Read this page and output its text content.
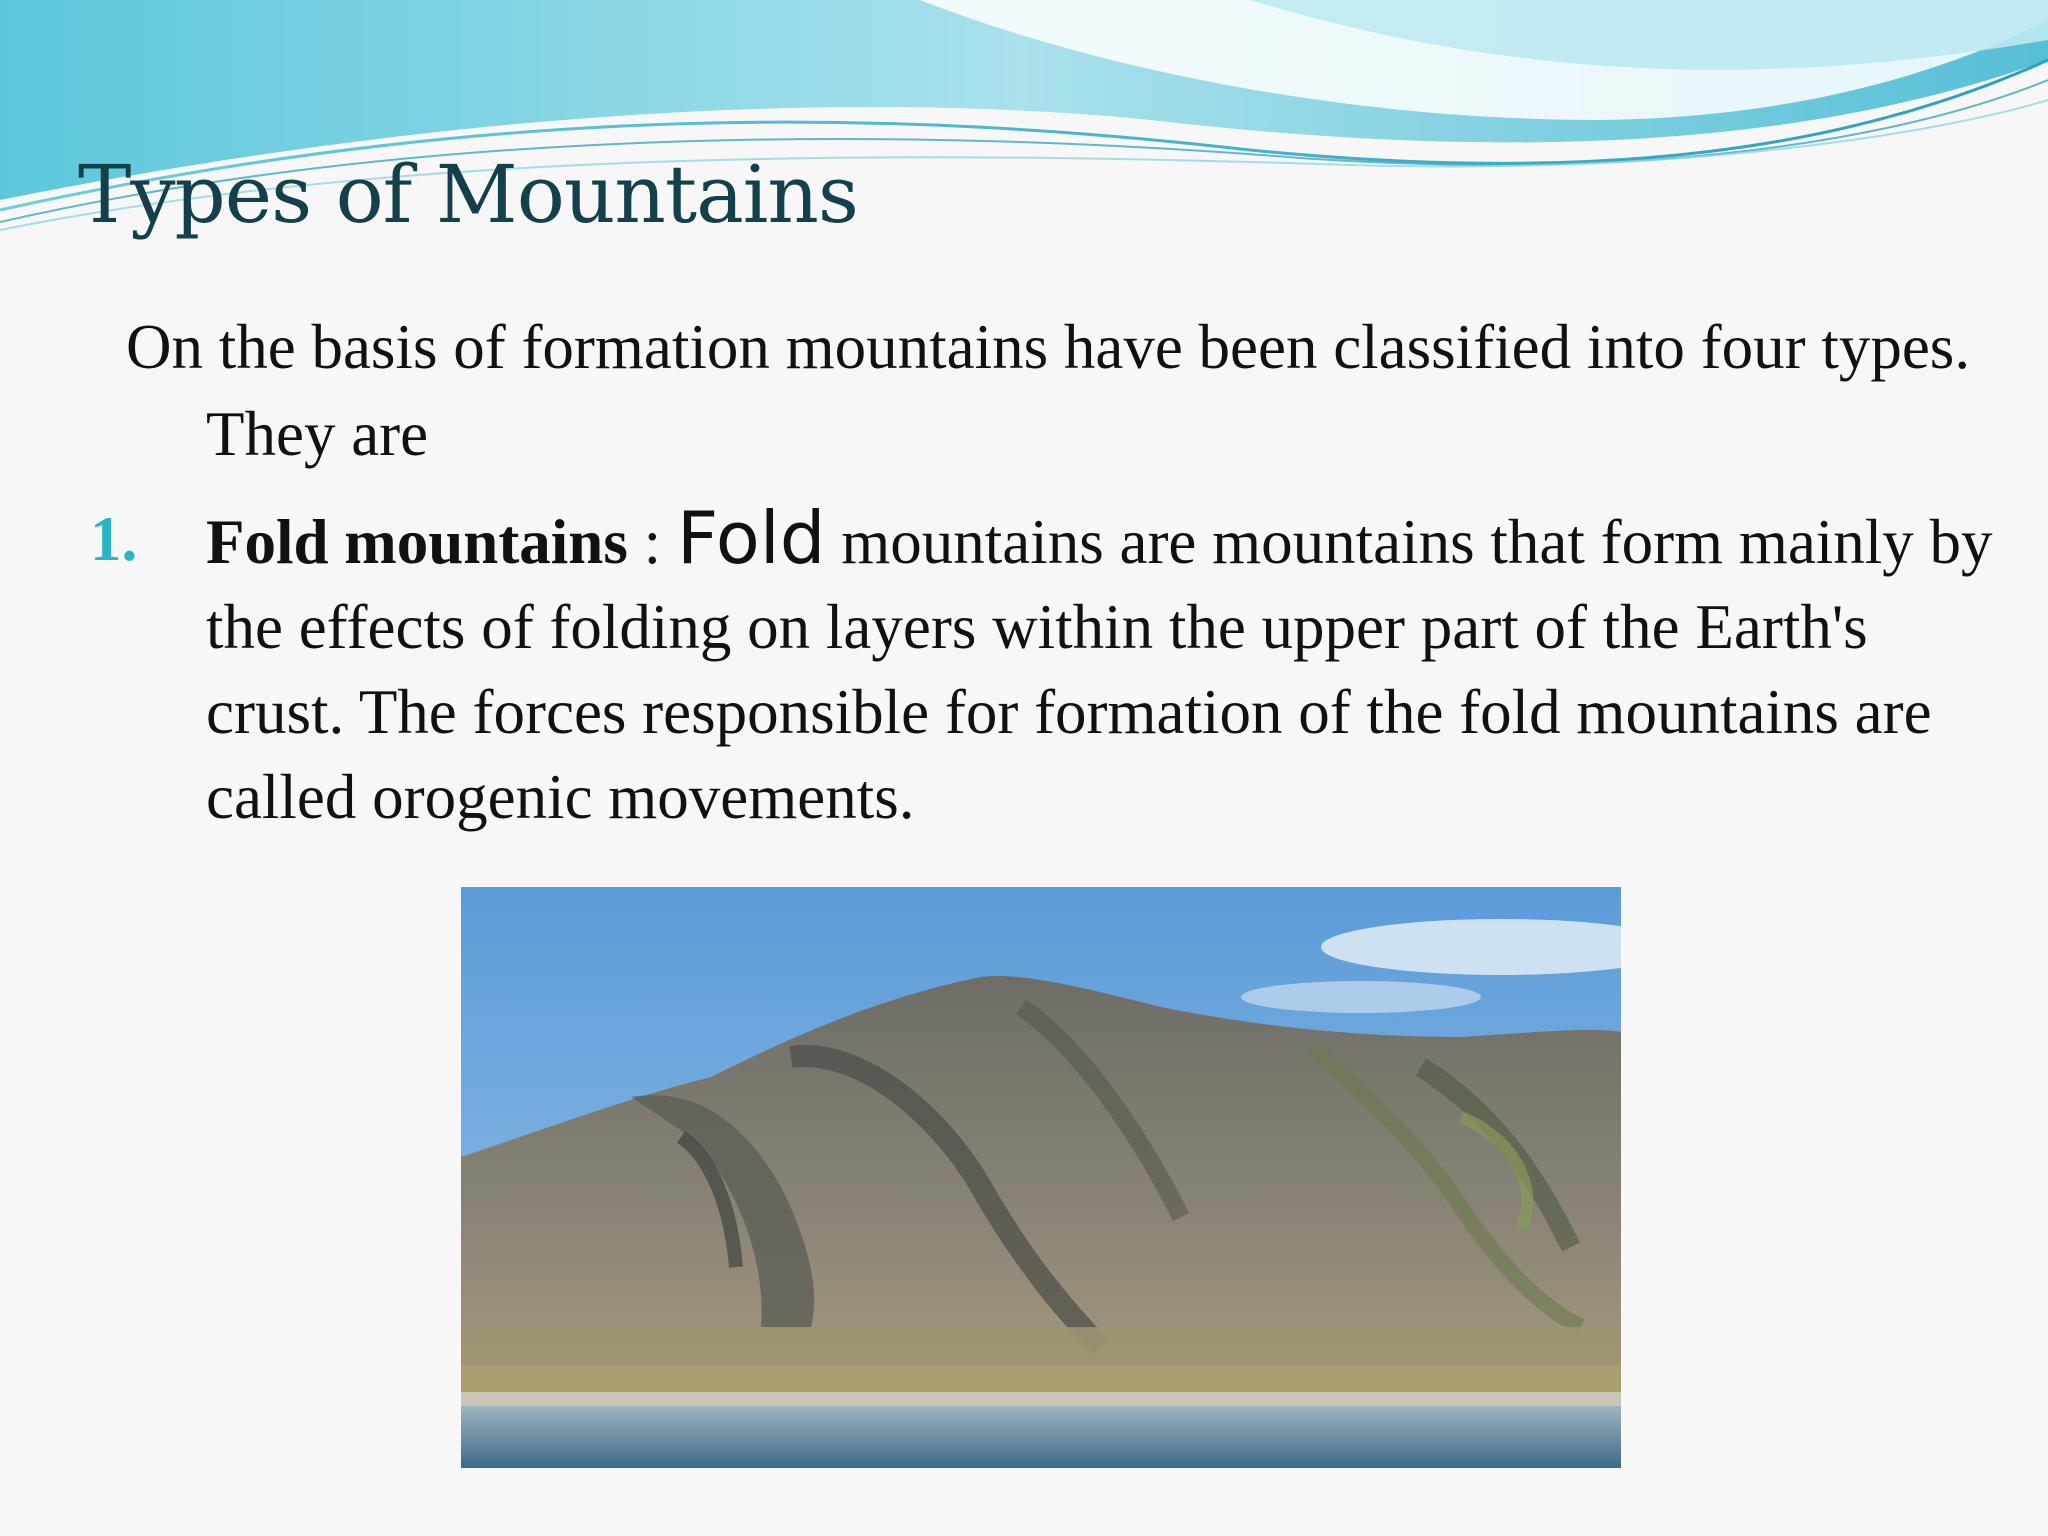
Types of Mountains
On the basis of formation mountains have been classified into four types. They are
1. Fold mountains : Fold mountains are mountains that form mainly by the effects of folding on layers within the upper part of the Earth's crust. The forces responsible for formation of the fold mountains are called orogenic movements.
